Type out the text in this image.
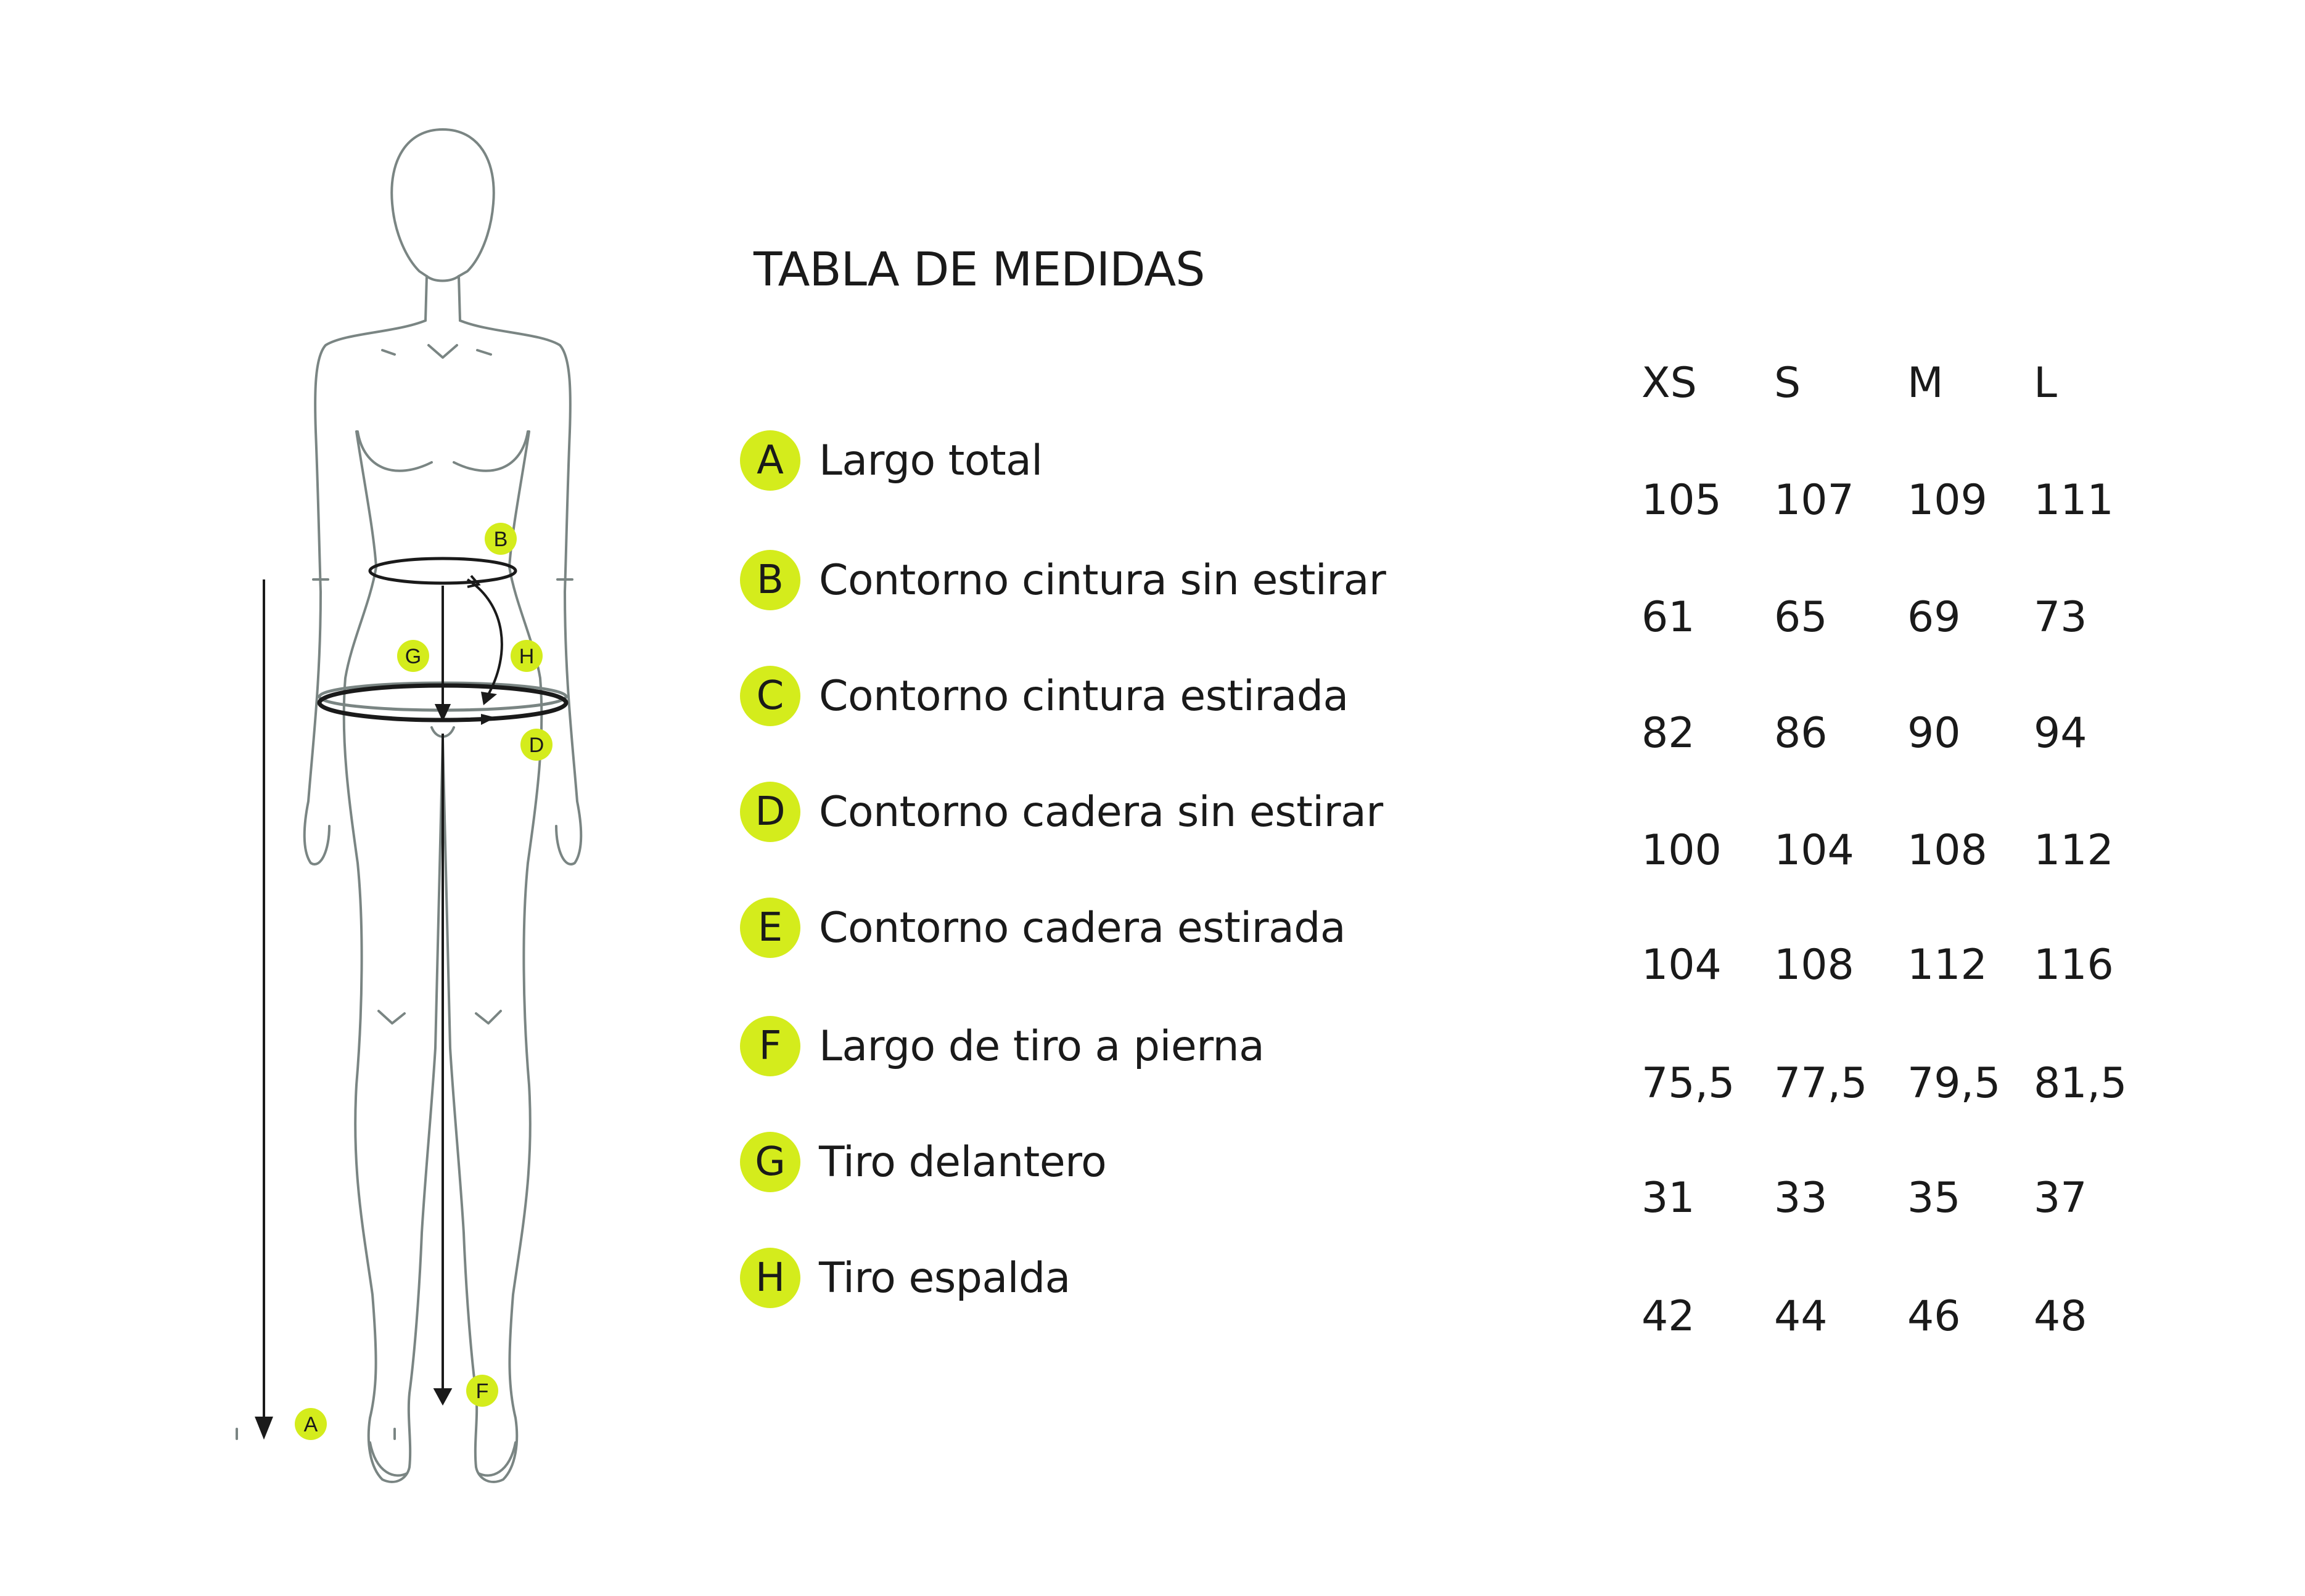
B
G	H
D
F
A
TABLA DE MEDIDAS
A Largo total
B Contorno cintura sin estirar
C Contorno cintura estirada
D Contorno cadera sin estirar
E Contorno cadera estirada
F Largo de tiro a pierna
G Tiro delantero
H Tiro espalda
XS S	M L
105 107 109 111
61 65 69 73
82 86 90 94
100 104 108 112
104 108 112 116
75,5 77,5 79,5 81,5
31 33 35 37
42 44 46 48
